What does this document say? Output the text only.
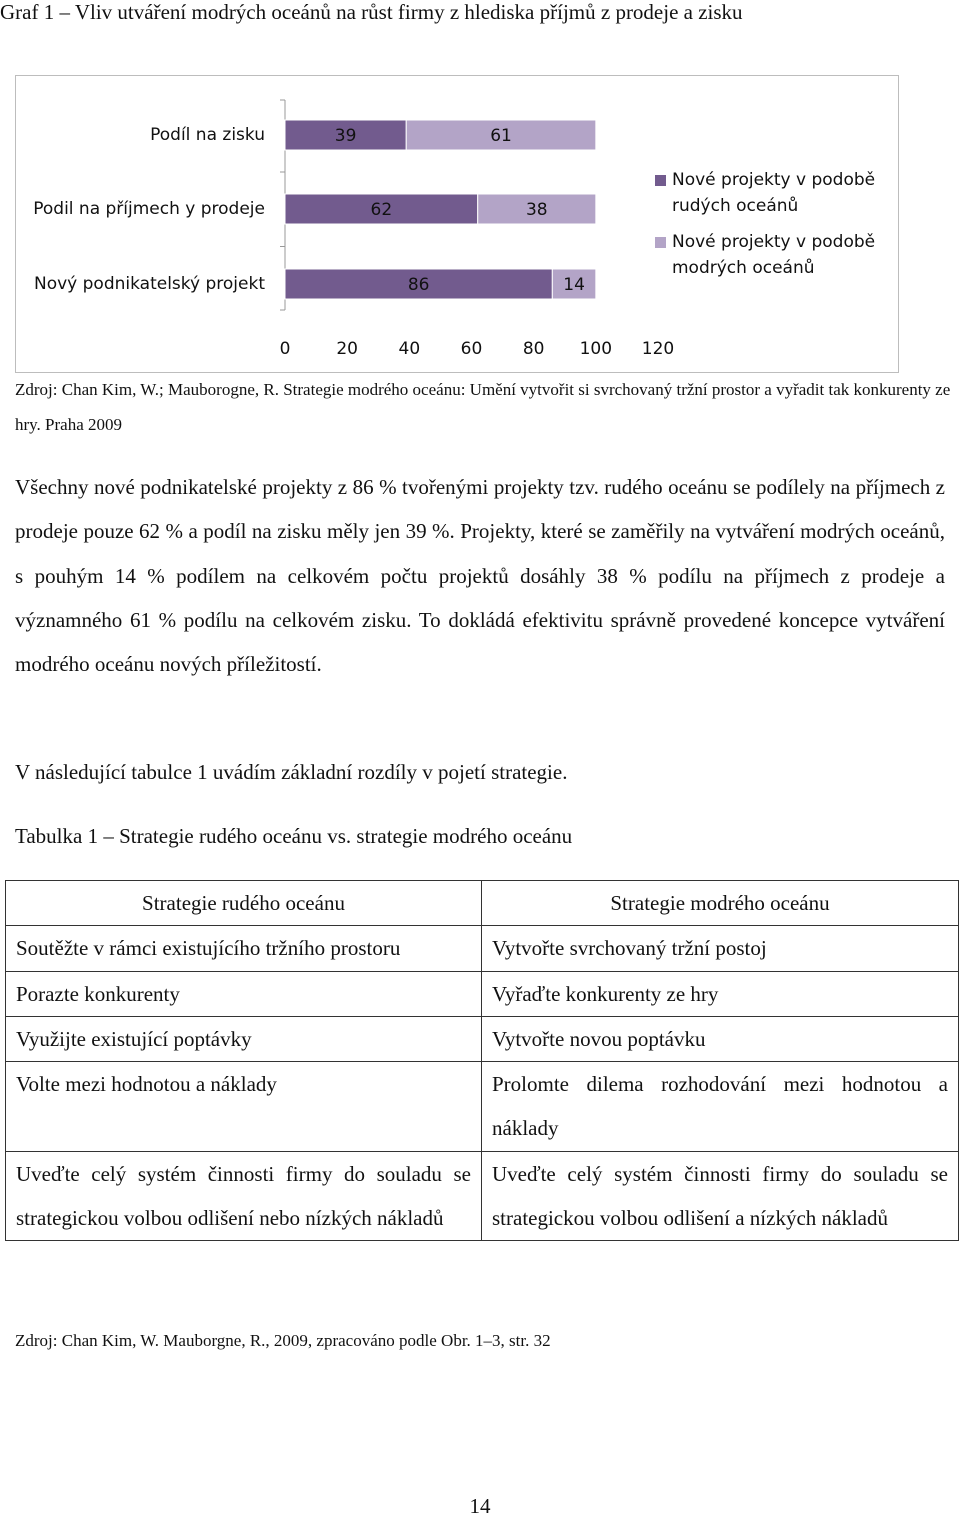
Graf 1 – Vliv utváření modrých oceánů na růst firmy z hlediska příjmů z prodeje a zisku
Podíl na zisku
Podil na příjmech y prodeje
Nový podnikatelský projekt
39	61
62	38
86	14
0	20 40 60 80 100 120
Nové projekty v podobě
rudých oceánů
Nové projekty v podobě
modrých oceánů
Zdroj: Chan Kim, W.; Mauborogne, R. Strategie modrého oceánu: Umění vytvořit si svrchovaný tržní prostor a vyřadit tak konkurenty ze hry. Praha 2009
Všechny nové podnikatelské projekty z 86 % tvořenými projekty tzv. rudého oceánu se podílely na příjmech z prodeje pouze 62 % a podíl na zisku měly jen 39 %. Projekty, které se zaměřily na vytváření modrých oceánů, s pouhým 14 % podílem na celkovém počtu projektů dosáhly 38 % podílu na příjmech z prodeje a významného 61 % podílu na celkovém zisku. To dokládá efektivitu správně provedené koncepce vytváření modrého oceánu nových příležitostí.
V následující tabulce 1 uvádím základní rozdíly v pojetí strategie.
Tabulka 1 – Strategie rudého oceánu vs. strategie modrého oceánu
Strategie rudého oceánu	Strategie modrého oceánu
Soutěžte v rámci existujícího tržního prostoru	Vytvořte svrchovaný tržní postoj
Porazte konkurenty	Vyřaďte konkurenty ze hry
Využijte existující poptávky	Vytvořte novou poptávku
Volte mezi hodnotou a náklady	Prolomte dilema rozhodování mezi hodnotou a náklady
Uveďte celý systém činnosti firmy do souladu se strategickou volbou odlišení nebo nízkých nákladů	Uveďte celý systém činnosti firmy do souladu se strategickou volbou odlišení a nízkých nákladů
Zdroj: Chan Kim, W. Mauborgne, R., 2009, zpracováno podle Obr. 1–3, str. 32
14
